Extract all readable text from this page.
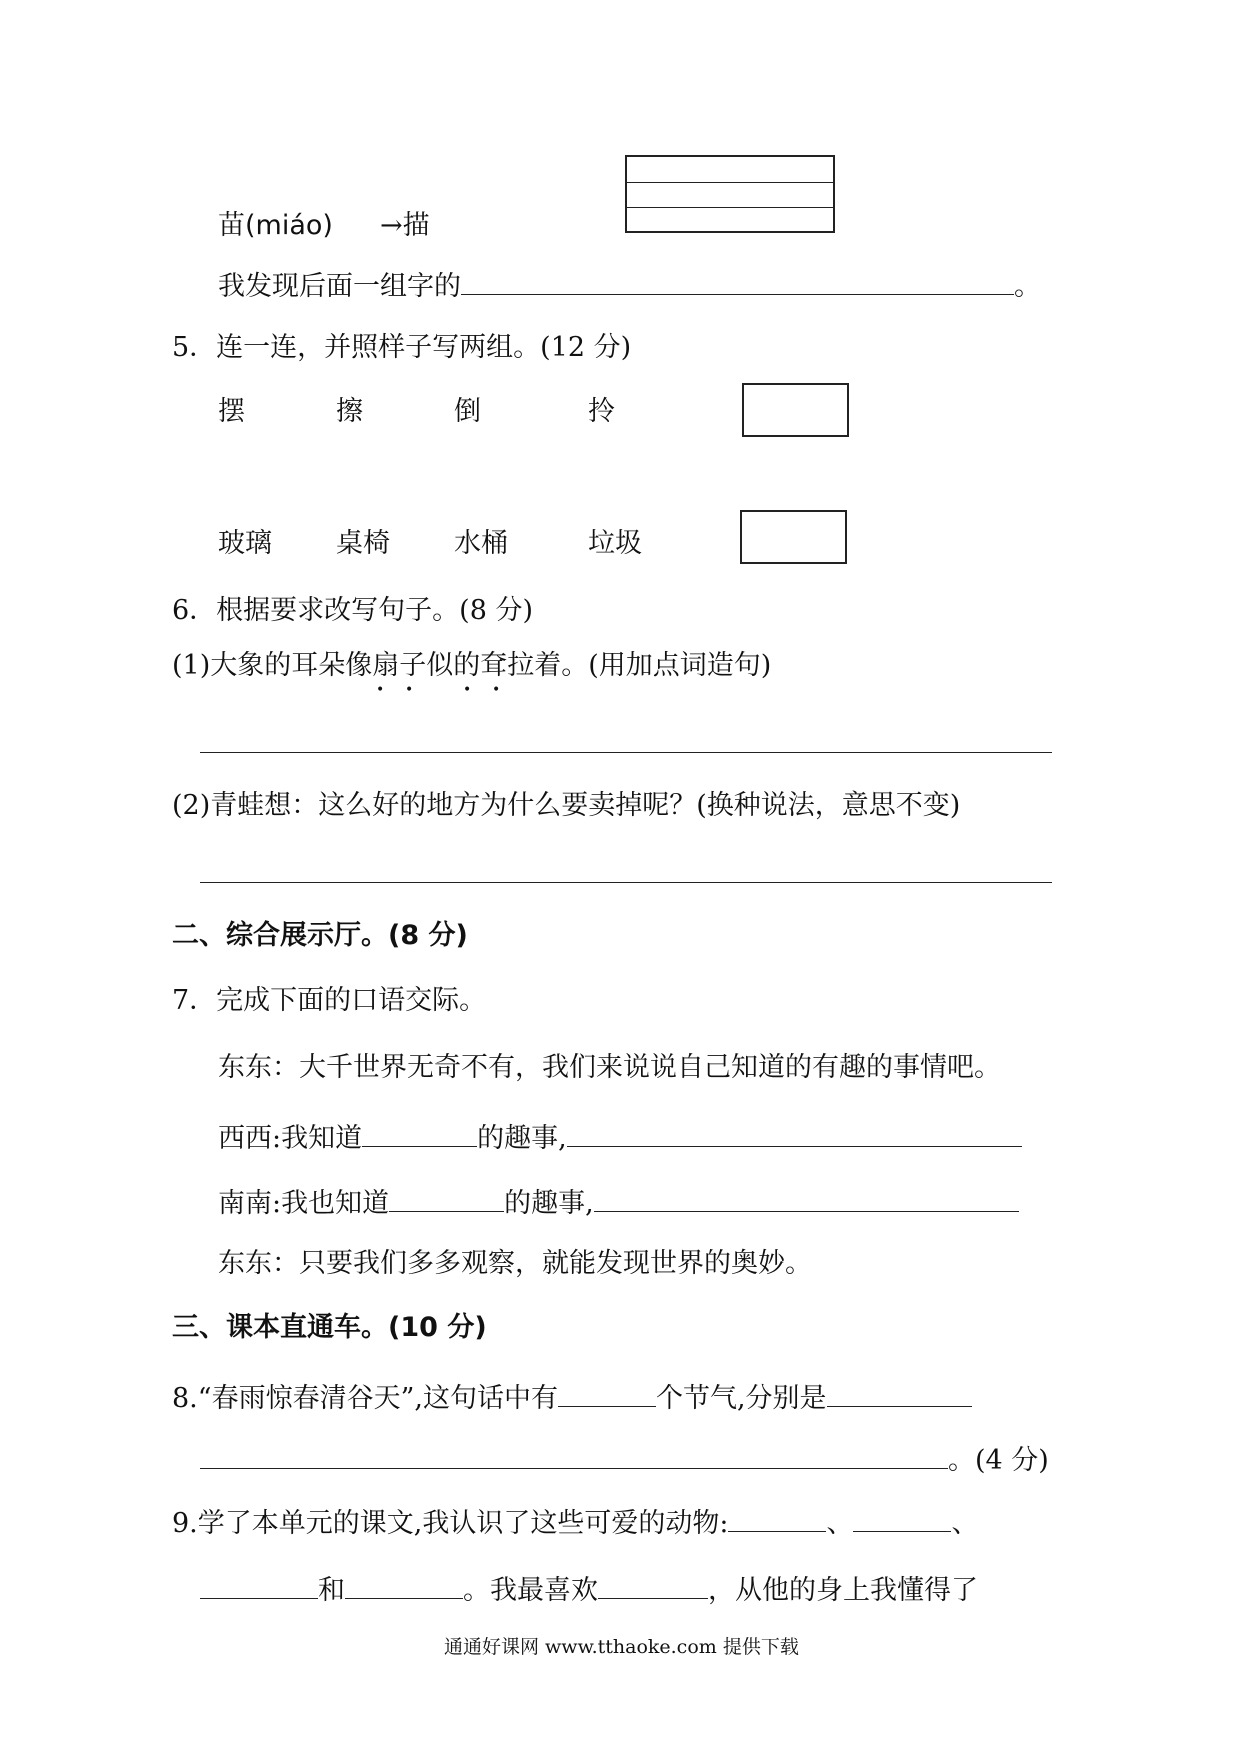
苗(miáo) →描
我发现后面一组字的	。
5．连一连，并照样子写两组。(12 分)
摆	擦	倒	拎
玻璃 桌椅 水桶	垃圾
6．根据要求改写句子。(8 分)
(1)大象的耳朵像扇子似的耷拉着。(用加点词造句)
• •	• •
(2)青蛙想：这么好的地方为什么要卖掉呢？(换种说法，意思不变)
二、综合展示厅。(8 分)
7．完成下面的口语交际。
东东：大千世界无奇不有，我们来说说自己知道的有趣的事情吧。
西西:我知道	的趣事,
南南:我也知道	的趣事,
东东：只要我们多多观察，就能发现世界的奥妙。
三、课本直通车。(10 分)
8.“春雨惊春清谷天”,这句话中有	个节气,分别是
。(4 分)
9.学了本单元的课文,我认识了这些可爱的动物:	、	、
和	。我最喜欢	，从他的身上我懂得了
通通好课网 www.tthaoke.com 提供下载
